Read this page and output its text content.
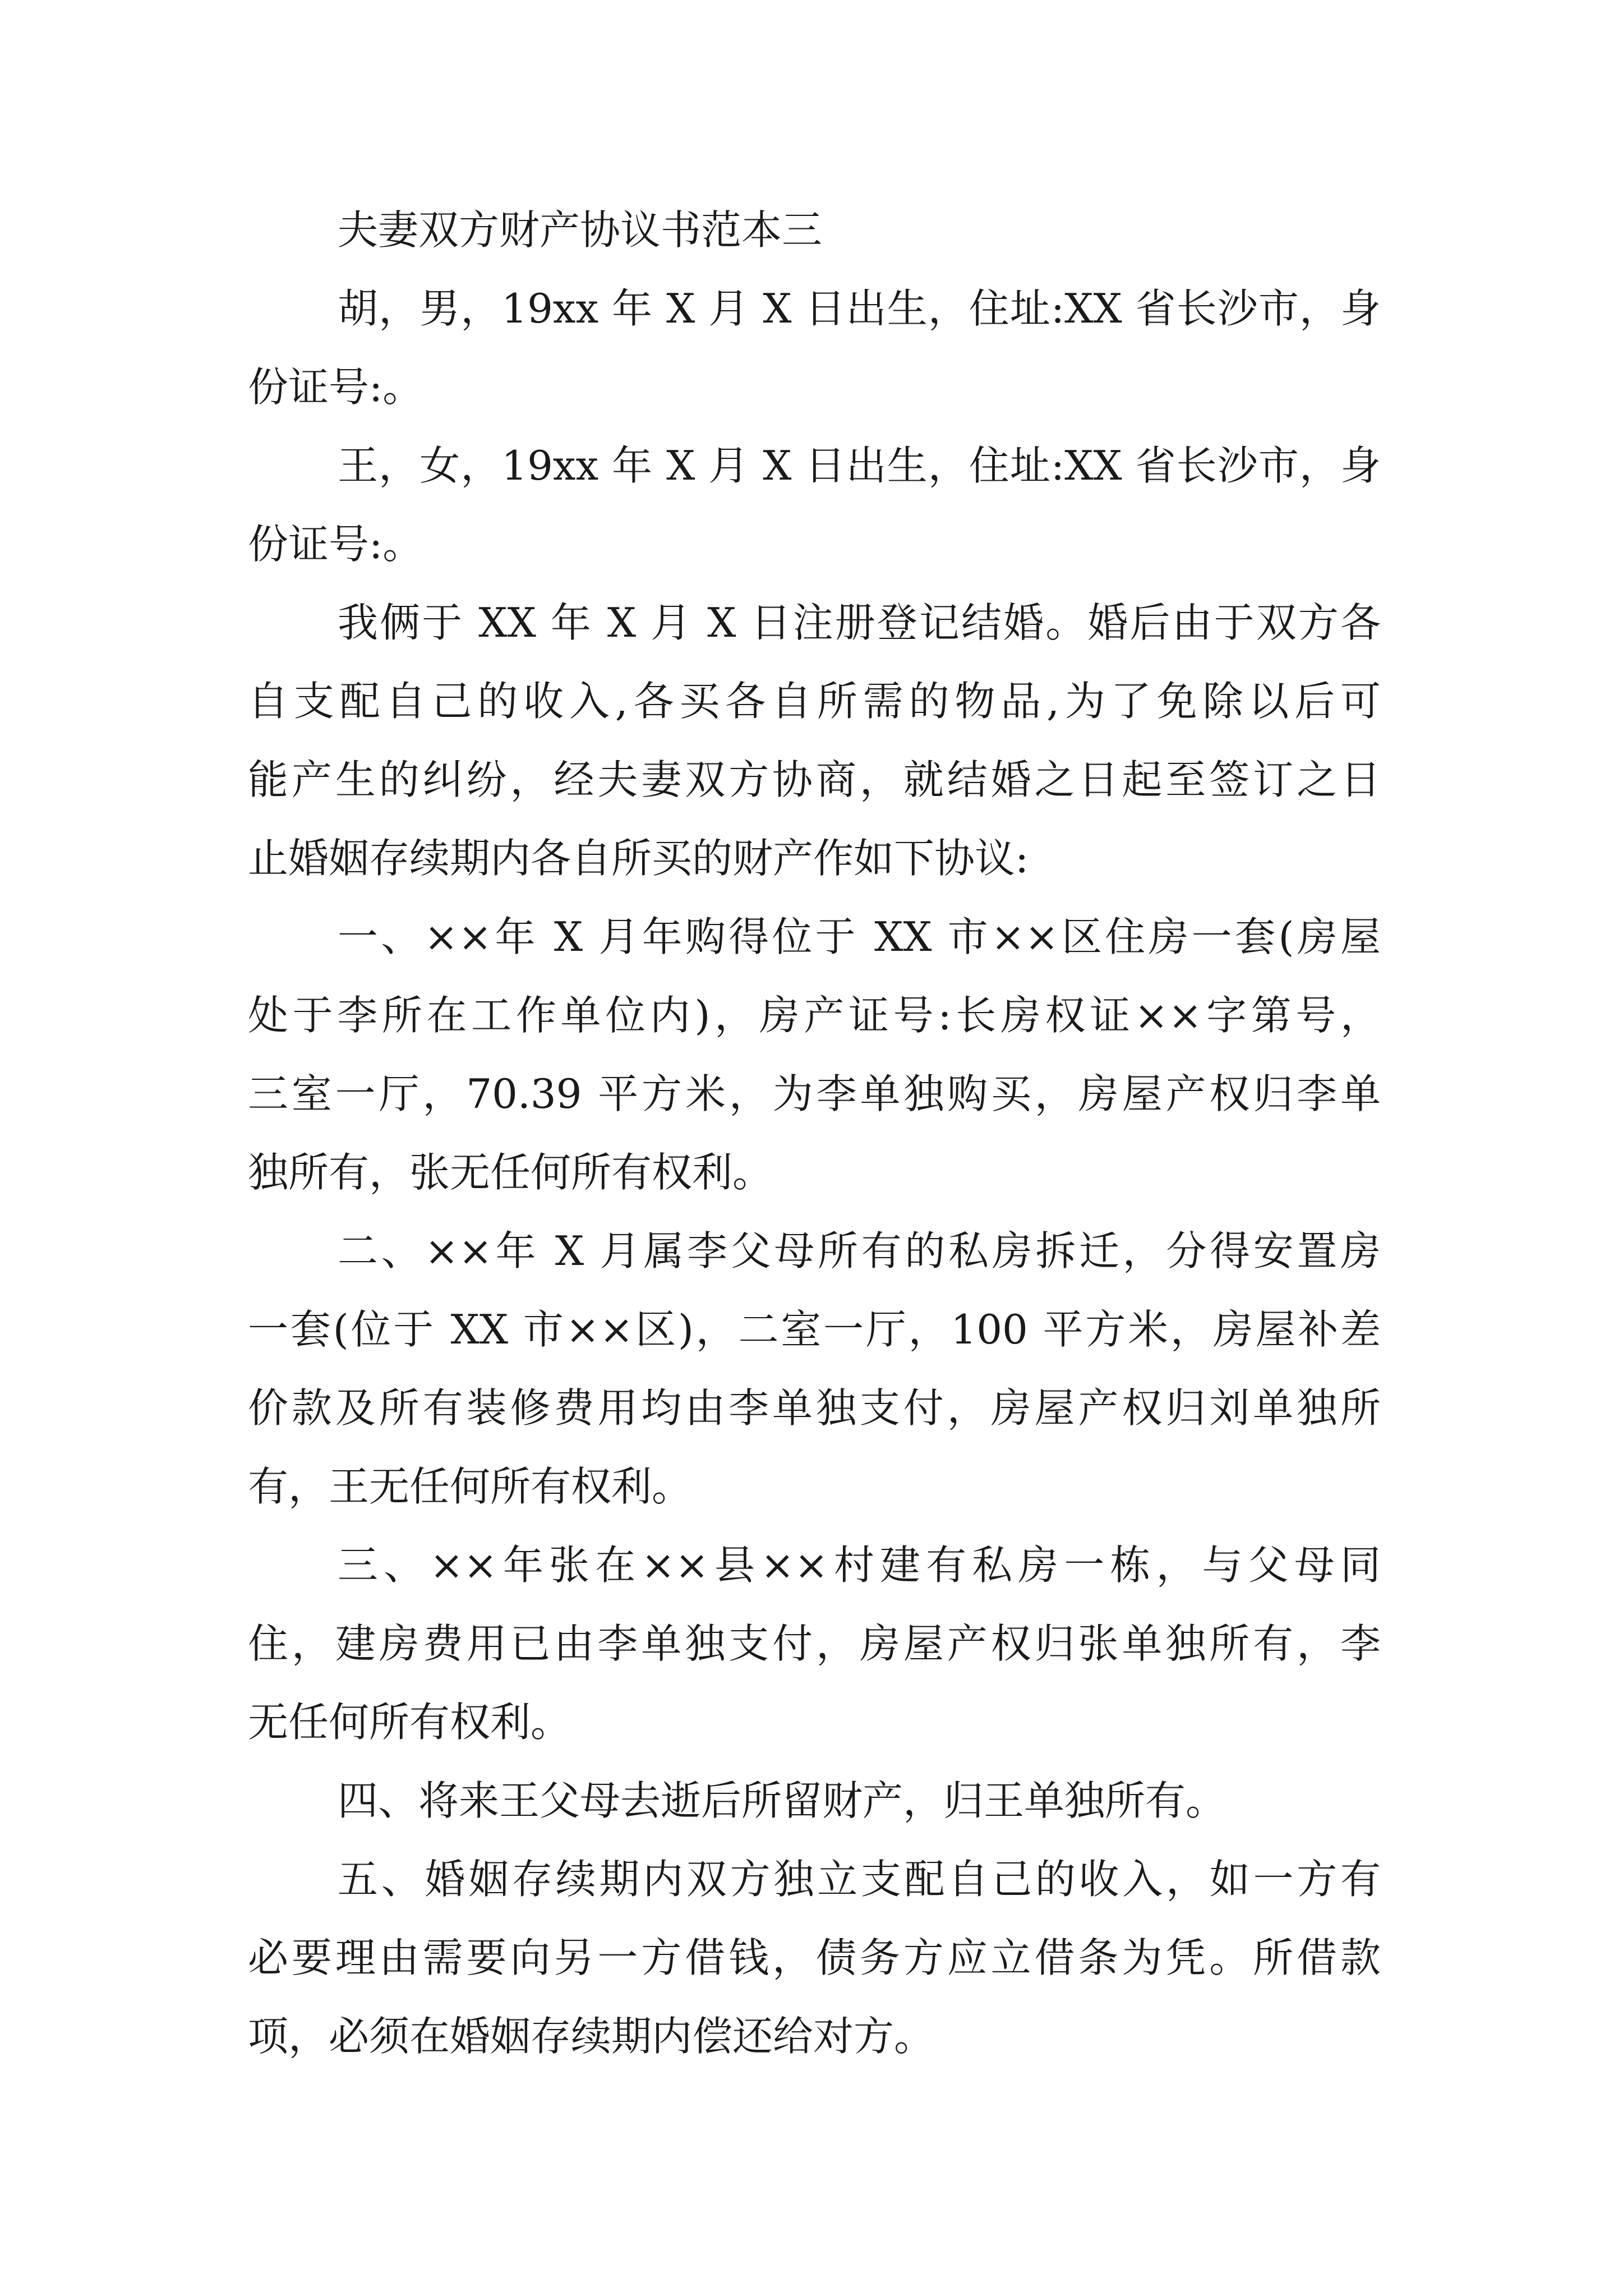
夫妻双方财产协议书范本三
胡，男，19xx 年 X 月 X 日出生，住址:XX 省长沙市，身
份证号:。
王，女，19xx 年 X 月 X 日出生，住址:XX 省长沙市，身
份证号:。
我俩于 XX 年 X 月 X 日注册登记结婚。婚后由于双方各
自支配自己的收入,各买各自所需的物品,为了免除以后可
能产生的纠纷，经夫妻双方协商，就结婚之日起至签订之日
止婚姻存续期内各自所买的财产作如下协议:
一、××年 X 月年购得位于 XX 市××区住房一套(房屋
处于李所在工作单位内)，房产证号:长房权证××字第号，
三室一厅，70.39 平方米，为李单独购买，房屋产权归李单
独所有，张无任何所有权利。
二、××年 X 月属李父母所有的私房拆迁，分得安置房
一套(位于 XX 市××区)，二室一厅，100 平方米，房屋补差
价款及所有装修费用均由李单独支付，房屋产权归刘单独所
有，王无任何所有权利。
三、××年张在××县××村建有私房一栋，与父母同
住，建房费用已由李单独支付，房屋产权归张单独所有，李
无任何所有权利。
四、将来王父母去逝后所留财产，归王单独所有。
五、婚姻存续期内双方独立支配自己的收入，如一方有
必要理由需要向另一方借钱，债务方应立借条为凭。所借款
项，必须在婚姻存续期内偿还给对方。
